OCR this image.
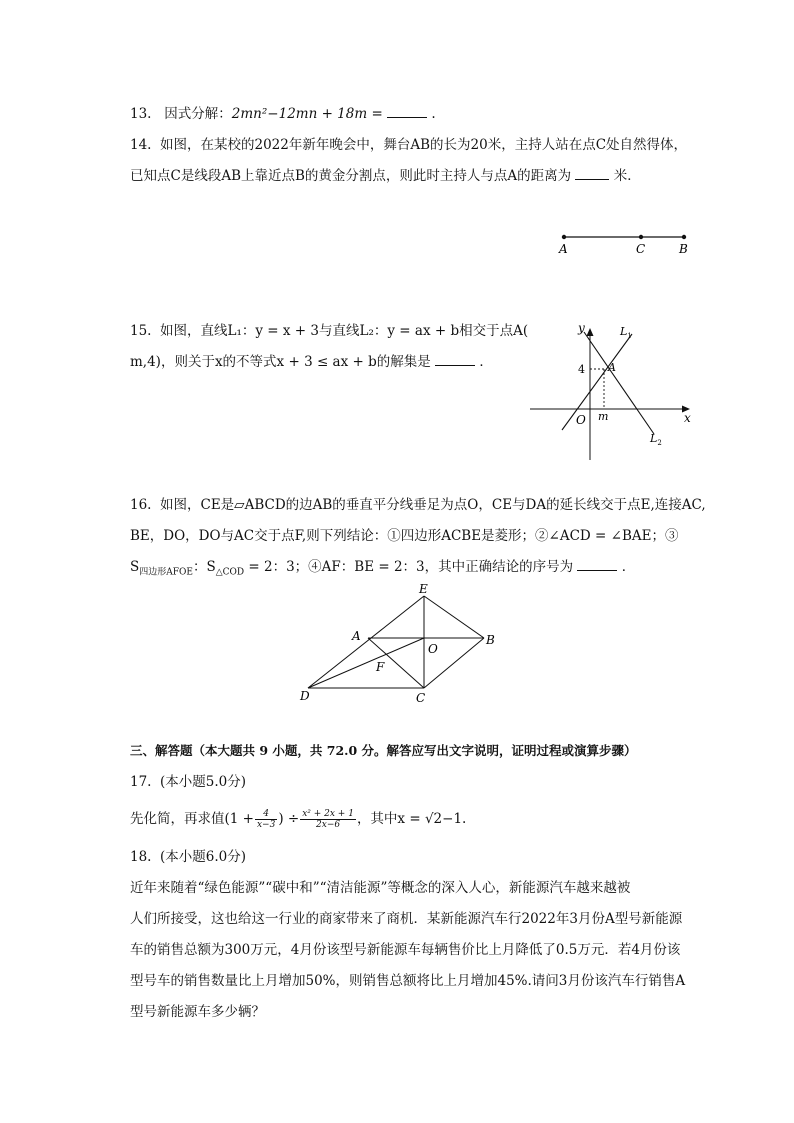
13. 因式分解：2mn²−12mn + 18m =	.
14. 如图，在某校的2022年新年晚会中，舞台AB的长为20米，主持人站在点C处自然得体，
已知点C是线段AB上靠近点B的黄金分割点，则此时主持人与点A的距离为	米．
A	C	B
15. 如图，直线L₁：y = x + 3与直线L₂：y = ax + b相交于点A(
m,4)，则关于x的不等式x + 3 ≤ ax + b的解集是	．
y
x
O m
4 A
$L_1$
$L_2$
16. 如图，CE是▱ABCD的边AB的垂直平分线垂足为点O，CE与DA的延长线交于点E,连接AC,
BE，DO，DO与AC交于点F,则下列结论：①四边形ACBE是菱形；②∠ACD = ∠BAE；③
$S_{四边形AFOE}$：$S_{\triangle COD} = 2$：3；④AF：BE = 2：3，其中正确结论的序号为	．
E
A
O
B
F
D	C
三、解答题（本大题共 9 小题，共 72.0 分。解答应写出文字说明，证明过程或演算步骤）
17. (本小题5.0分)
先化简，再求值($1 + \frac{4}{x-3}$ ) ÷ $\frac{\text{x² + 2x + 1}}{2x-6}$ ，其中x = √2−1.
18. (本小题6.0分)
近年来随着“绿色能源”“碳中和”“清洁能源”等概念的深入人心，新能源汽车越来越被
人们所接受，这也给这一行业的商家带来了商机．某新能源汽车行2022年3月份A型号新能源
车的销售总额为300万元，4月份该型号新能源车每辆售价比上月降低了0.5万元．若4月份该
型号车的销售数量比上月增加50%，则销售总额将比上月增加45%.请问3月份该汽车行销售A
型号新能源车多少辆？
